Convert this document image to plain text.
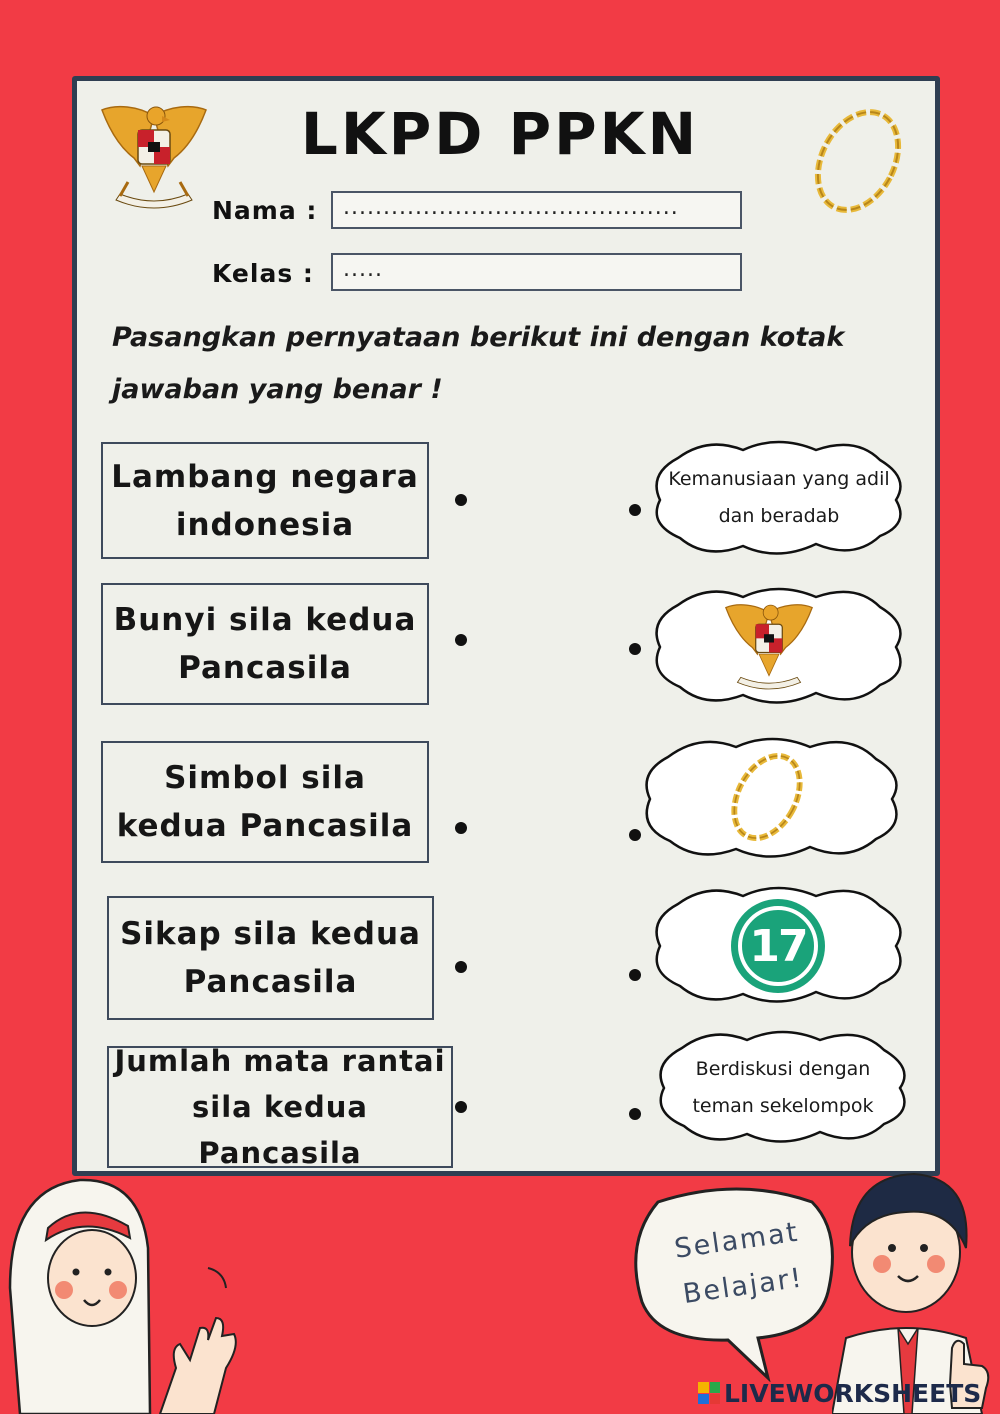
LKPD PPKN
Nama :	..........................................
Kelas :	.....
Pasangkan pernyataan berikut ini dengan kotak jawaban yang benar !
Lambang negara indonesia
Bunyi sila kedua Pancasila
Simbol sila kedua Pancasila
Sikap sila kedua Pancasila
Jumlah mata rantai sila kedua Pancasila
Kemanusiaan yang adil dan beradab
17
Berdiskusi dengan teman sekelompok
Selamat Belajar!
LIVEWORKSHEETS
